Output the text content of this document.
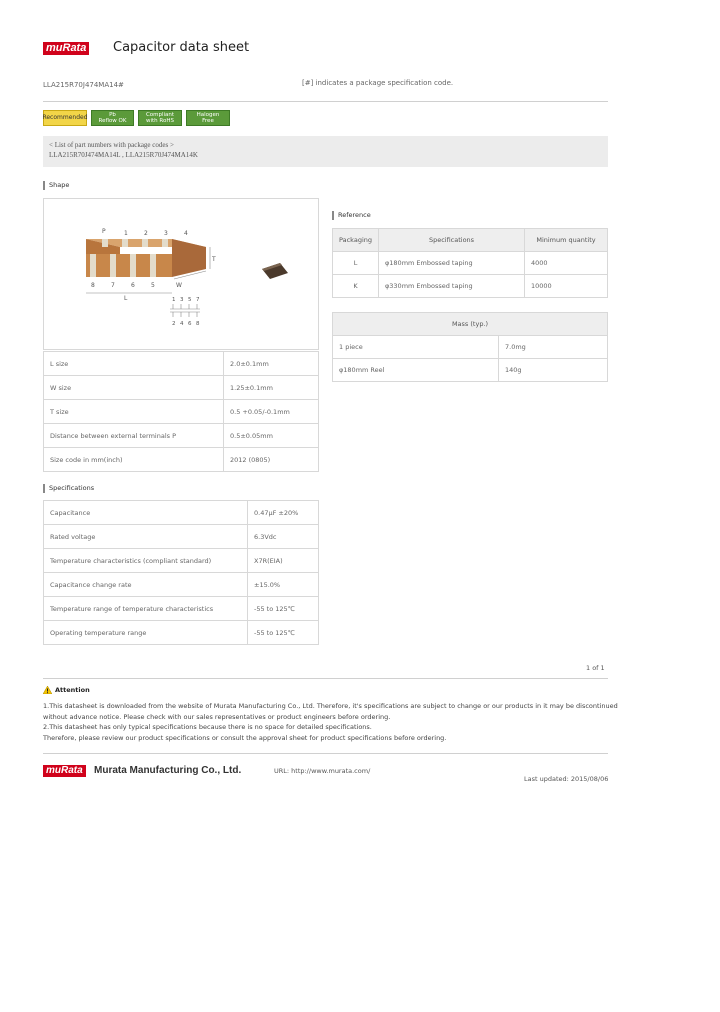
muRata Capacitor data sheet
LLA215R70J474MA14#	[#] indicates a package specification code.
Recommended	Pb
Reflow OK
Compliant
with RoHS
Halogen
Free
< List of part numbers with package codes >
LLA215R70J474MA14L , LLA215R70J474MA14K
Shape
P	1	2	3	4
8	7	6	5
L
W
T
1 3 5 7
2 4 6 8
L size	2.0±0.1mm
W size	1.25±0.1mm
T size	0.5 +0.05/-0.1mm
Distance between external terminals P	0.5±0.05mm
Size code in mm(inch)	2012 (0805)
Reference
Packaging	Specifications	Minimum quantity
L	φ180mm Embossed taping	4000
K	φ330mm Embossed taping	10000
Mass (typ.)	
1 piece	7.0mg
φ180mm Reel	140g
Specifications
Capacitance	0.47μF ±20%
Rated voltage	6.3Vdc
Temperature characteristics (compliant standard)	X7R(EIA)
Capacitance change rate	±15.0%
Temperature range of temperature characteristics	-55 to 125℃
Operating temperature range	-55 to 125℃
1 of 1
Attention
1.This datasheet is downloaded from the website of Murata Manufacturing Co., Ltd. Therefore, it's specifications are subject to change or our products in it may be discontinued
without advance notice. Please check with our sales representatives or product engineers before ordering.
2.This datasheet has only typical specifications because there is no space for detailed specifications.
Therefore, please review our product specifications or consult the approval sheet for product specifications before ordering.
muRata	Murata Manufacturing Co., Ltd.	URL: http://www.murata.com/
Last updated: 2015/08/06
